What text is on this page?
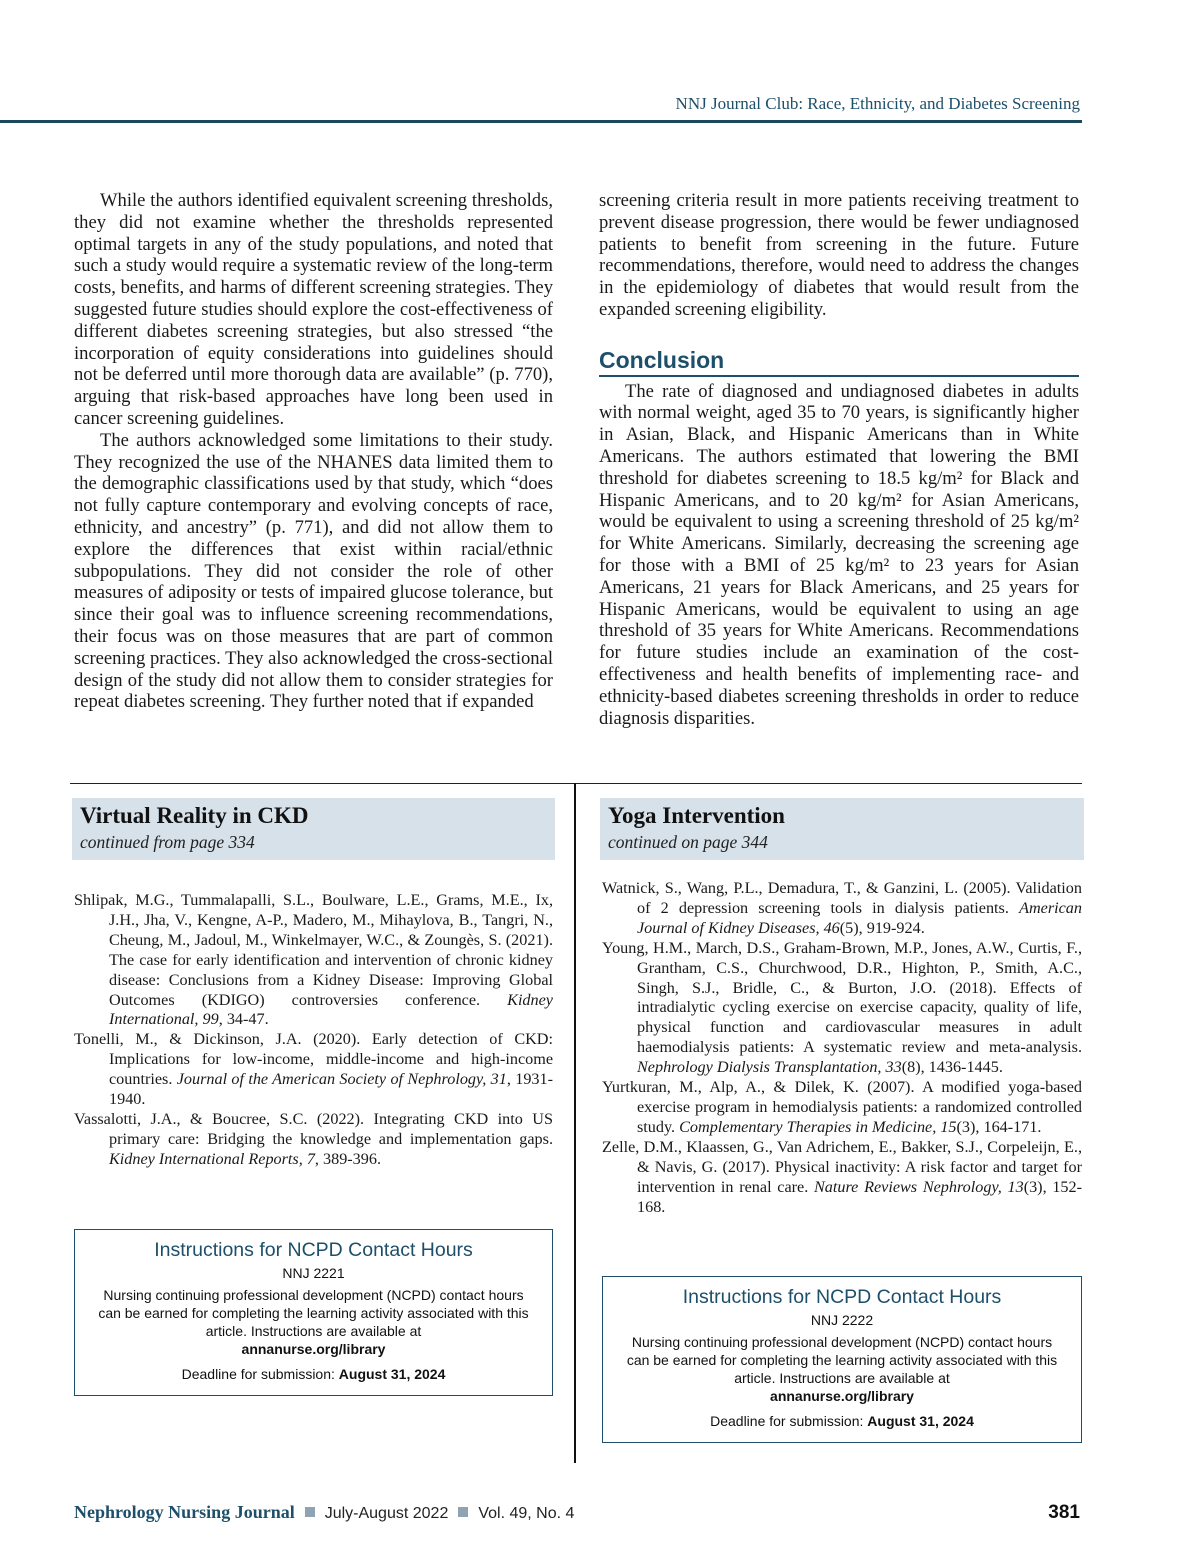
NNJ Journal Club: Race, Ethnicity, and Diabetes Screening

While the authors identified equivalent screening thresholds, they did not examine whether the thresholds represented optimal targets in any of the study populations, and noted that such a study would require a systematic review of the long-term costs, benefits, and harms of different screening strategies. They suggested future studies should explore the cost-effectiveness of different diabetes screening strategies, but also stressed “the incorporation of equity considerations into guidelines should not be deferred until more thorough data are available” (p. 770), arguing that risk-based approaches have long been used in cancer screening guidelines.

The authors acknowledged some limitations to their study. They recognized the use of the NHANES data limited them to the demographic classifications used by that study, which “does not fully capture contemporary and evolving concepts of race, ethnicity, and ancestry” (p. 771), and did not allow them to explore the differences that exist within racial/ethnic subpopulations. They did not consider the role of other measures of adiposity or tests of impaired glucose tolerance, but since their goal was to influence screening recommendations, their focus was on those measures that are part of common screening practices. They also acknowledged the cross-sectional design of the study did not allow them to consider strategies for repeat diabetes screening. They further noted that if expanded

screening criteria result in more patients receiving treatment to prevent disease progression, there would be fewer undiagnosed patients to benefit from screening in the future. Future recommendations, therefore, would need to address the changes in the epidemiology of diabetes that would result from the expanded screening eligibility.

Conclusion

The rate of diagnosed and undiagnosed diabetes in adults with normal weight, aged 35 to 70 years, is significantly higher in Asian, Black, and Hispanic Americans than in White Americans. The authors estimated that lowering the BMI threshold for diabetes screening to 18.5 kg/m² for Black and Hispanic Americans, and to 20 kg/m² for Asian Americans, would be equivalent to using a screening threshold of 25 kg/m² for White Americans. Similarly, decreasing the screening age for those with a BMI of 25 kg/m² to 23 years for Asian Americans, 21 years for Black Americans, and 25 years for Hispanic Americans, would be equivalent to using an age threshold of 35 years for White Americans. Recommendations for future studies include an examination of the cost-effectiveness and health benefits of implementing race- and ethnicity-based diabetes screening thresholds in order to reduce diagnosis disparities.

Virtual Reality in CKD
continued from page 334
Shlipak, M.G., Tummalapalli, S.L., Boulware, L.E., Grams, M.E., Ix, J.H., Jha, V., Kengne, A-P., Madero, M., Mihaylova, B., Tangri, N., Cheung, M., Jadoul, M., Winkelmayer, W.C., & Zoungès, S. (2021). The case for early identification and intervention of chronic kidney disease: Conclusions from a Kidney Disease: Improving Global Outcomes (KDIGO) controversies conference. Kidney International, 99, 34-47.
Tonelli, M., & Dickinson, J.A. (2020). Early detection of CKD: Implications for low-income, middle-income and high-income countries. Journal of the American Society of Nephrology, 31, 1931-1940.
Vassalotti, J.A., & Boucree, S.C. (2022). Integrating CKD into US primary care: Bridging the knowledge and implementation gaps. Kidney International Reports, 7, 389-396.
Instructions for NCPD Contact Hours
NNJ 2221
Nursing continuing professional development (NCPD) contact hours can be earned for completing the learning activity associated with this article. Instructions are available at
annanurse.org/library
Deadline for submission: August 31, 2024
Yoga Intervention
continued on page 344
Watnick, S., Wang, P.L., Demadura, T., & Ganzini, L. (2005). Validation of 2 depression screening tools in dialysis patients. American Journal of Kidney Diseases, 46(5), 919-924.
Young, H.M., March, D.S., Graham-Brown, M.P., Jones, A.W., Curtis, F., Grantham, C.S., Churchwood, D.R., Highton, P., Smith, A.C., Singh, S.J., Bridle, C., & Burton, J.O. (2018). Effects of intradialytic cycling exercise on exercise capacity, quality of life, physical function and cardiovascular measures in adult haemodialysis patients: A systematic review and meta-analysis. Nephrology Dialysis Transplantation, 33(8), 1436-1445.
Yurtkuran, M., Alp, A., & Dilek, K. (2007). A modified yoga-based exercise program in hemodialysis patients: a randomized controlled study. Complementary Therapies in Medicine, 15(3), 164-171.
Zelle, D.M., Klaassen, G., Van Adrichem, E., Bakker, S.J., Corpeleijn, E., & Navis, G. (2017). Physical inactivity: A risk factor and target for intervention in renal care. Nature Reviews Nephrology, 13(3), 152-168.
Instructions for NCPD Contact Hours
NNJ 2222
Nursing continuing professional development (NCPD) contact hours can be earned for completing the learning activity associated with this article. Instructions are available at
annanurse.org/library
Deadline for submission: August 31, 2024
Nephrology Nursing Journal July-August 2022 Vol. 49, No. 4	381
